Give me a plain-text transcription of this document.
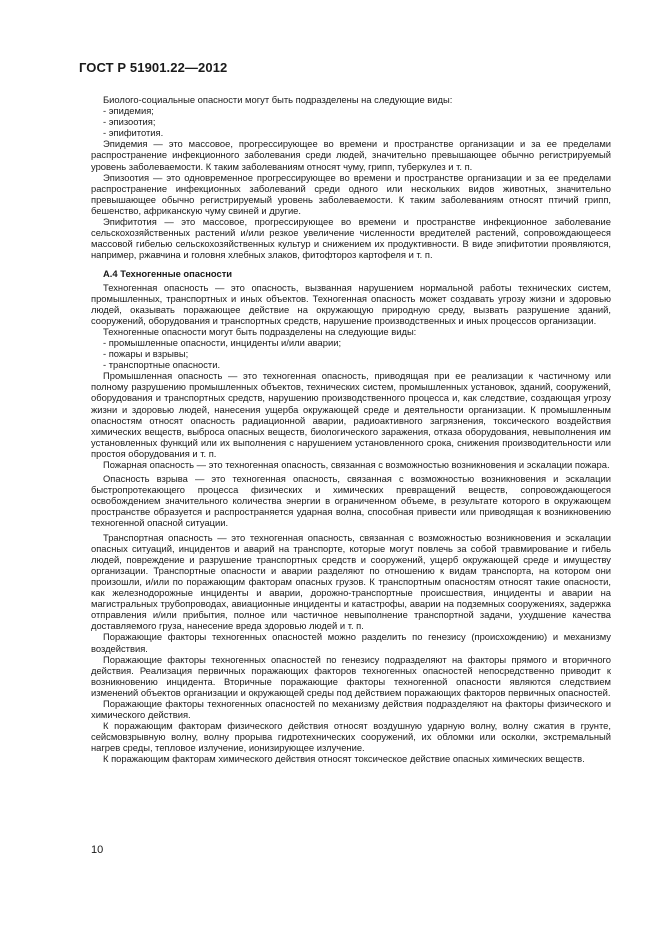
ГОСТ Р 51901.22—2012

Биолого-социальные опасности могут быть подразделены на следующие виды:

- эпидемия;
- эпизоотия;
- эпифитотия.

Эпидемия — это массовое, прогрессирующее во времени и пространстве организации и за ее пределами распространение инфекционного заболевания среди людей, значительно превышающее обычно регистрируемый уровень заболеваемости. К таким заболеваниям относят чуму, грипп, туберкулез и т. п.

Эпизоотия — это одновременное прогрессирующее во времени и пространстве организации и за ее пределами распространение инфекционных заболеваний среди одного или нескольких видов животных, значительно превышающее обычно регистрируемый уровень заболеваемости. К таким заболеваниям относят птичий грипп, бешенство, африканскую чуму свиней и другие.

Эпифитотия — это массовое, прогрессирующее во времени и пространстве инфекционное заболевание сельскохозяйственных растений и/или резкое увеличение численности вредителей растений, сопровождающееся массовой гибелью сельскохозяйственных культур и снижением их продуктивности. В виде эпифитотии проявляются, например, ржавчина и головня хлебных злаков, фитофтороз картофеля и т. п.

А.4 Техногенные опасности

Техногенная опасность — это опасность, вызванная нарушением нормальной работы технических систем, промышленных, транспортных и иных объектов. Техногенная опасность может создавать угрозу жизни и здоровью людей, оказывать поражающее действие на окружающую природную среду, вызвать разрушение зданий, сооружений, оборудования и транспортных средств, нарушение производственных и иных процессов организации.

Техногенные опасности могут быть подразделены на следующие виды:

- промышленные опасности, инциденты и/или аварии;
- пожары и взрывы;
- транспортные опасности.

Промышленная опасность — это техногенная опасность, приводящая при ее реализации к частичному или полному разрушению промышленных объектов, технических систем, промышленных установок, зданий, сооружений, оборудования и транспортных средств, нарушению производственного процесса и, как следствие, создающая угрозу жизни и здоровью людей, нанесения ущерба окружающей среде и деятельности организации. К промышленным опасностям относят опасность радиационной аварии, радиоактивного загрязнения, токсического воздействия химических веществ, выброса опасных веществ, биологического заражения, отказа оборудования, невыполнения им установленных функций или их выполнения с нарушением установленного срока, снижения производительности или простоя оборудования и т. п.

Пожарная опасность — это техногенная опасность, связанная с возможностью возникновения и эскалации пожара.

Опасность взрыва — это техногенная опасность, связанная с возможностью возникновения и эскалации быстропротекающего процесса физических и химических превращений веществ, сопровождающегося освобождением значительного количества энергии в ограниченном объеме, в результате которого в окружающем пространстве образуется и распространяется ударная волна, способная привести или приводящая к возникновению техногенной опасной ситуации.

Транспортная опасность — это техногенная опасность, связанная с возможностью возникновения и эскалации опасных ситуаций, инцидентов и аварий на транспорте, которые могут повлечь за собой травмирование и гибель людей, повреждение и разрушение транспортных средств и сооружений, ущерб окружающей среде и имуществу организации. Транспортные опасности и аварии разделяют по отношению к видам транспорта, на котором они произошли, и/или по поражающим факторам опасных грузов. К транспортным опасностям относят такие опасности, как железнодорожные инциденты и аварии, дорожно-транспортные происшествия, инциденты и аварии на магистральных трубопроводах, авиационные инциденты и катастрофы, аварии на подземных сооружениях, задержка отправления и/или прибытия, полное или частичное невыполнение транспортной задачи, ухудшение качества доставляемого груза, нанесение вреда здоровью людей и т. п.

Поражающие факторы техногенных опасностей можно разделить по генезису (происхождению) и механизму воздействия.

Поражающие факторы техногенных опасностей по генезису подразделяют на факторы прямого и вторичного действия. Реализация первичных поражающих факторов техногенных опасностей непосредственно приводит к возникновению инцидента. Вторичные поражающие факторы техногенной опасности являются следствием изменений объектов организации и окружающей среды под действием поражающих факторов первичных опасностей.

Поражающие факторы техногенных опасностей по механизму действия подразделяют на факторы физического и химического действия.

К поражающим факторам физического действия относят воздушную ударную волну, волну сжатия в грунте, сейсмовзрывную волну, волну прорыва гидротехнических сооружений, их обломки или осколки, экстремальный нагрев среды, тепловое излучение, ионизирующее излучение.

К поражающим факторам химического действия относят токсическое действие опасных химических веществ.

10
